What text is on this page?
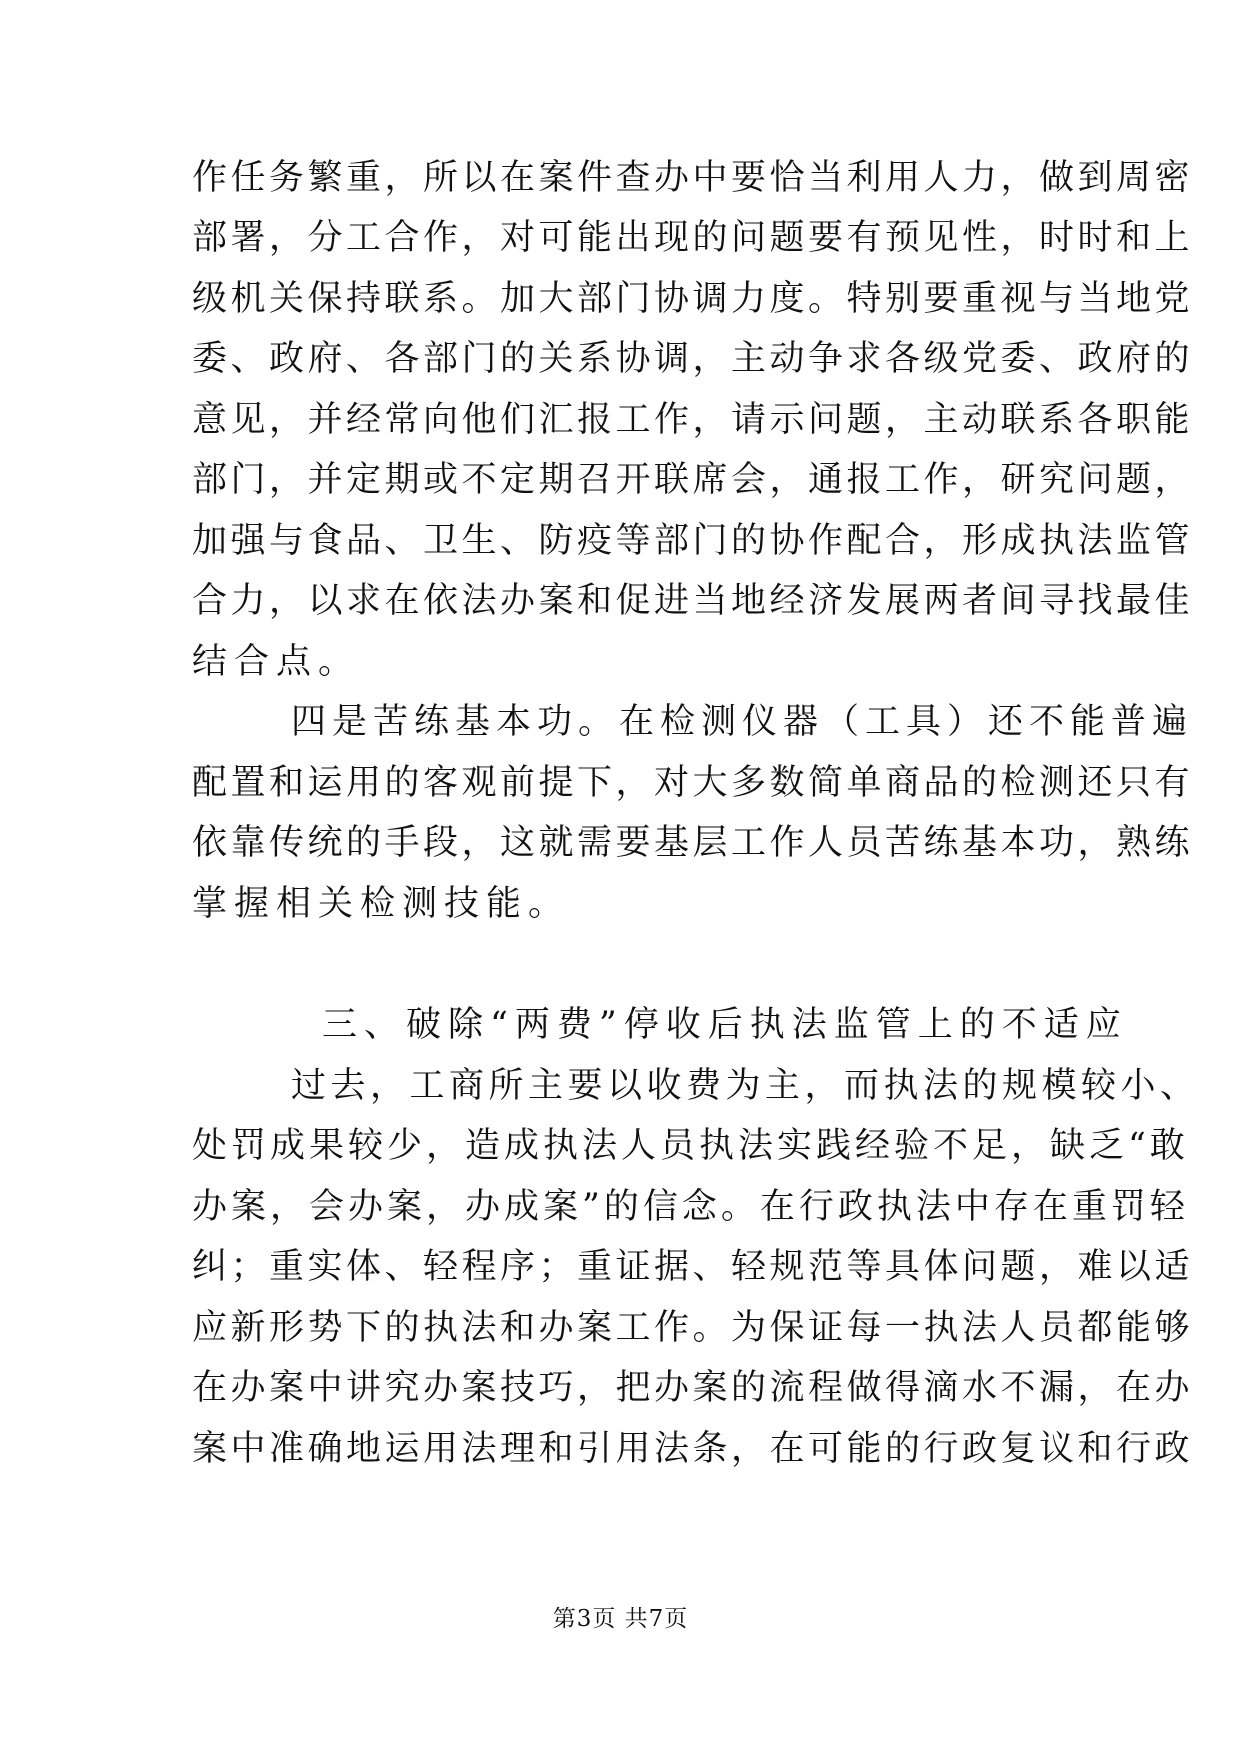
作任务繁重，所以在案件查办中要恰当利用人力，做到周密
部署，分工合作，对可能出现的问题要有预见性，时时和上
级机关保持联系。加大部门协调力度。特别要重视与当地党
委、政府、各部门的关系协调，主动争求各级党委、政府的
意见，并经常向他们汇报工作，请示问题，主动联系各职能
部门，并定期或不定期召开联席会，通报工作，研究问题，
加强与食品、卫生、防疫等部门的协作配合，形成执法监管
合力，以求在依法办案和促进当地经济发展两者间寻找最佳
结合点。
四是苦练基本功。在检测仪器（工具）还不能普遍
配置和运用的客观前提下，对大多数简单商品的检测还只有
依靠传统的手段，这就需要基层工作人员苦练基本功，熟练
掌握相关检测技能。
三、破除“两费”停收后执法监管上的不适应
过去，工商所主要以收费为主，而执法的规模较小、
处罚成果较少，造成执法人员执法实践经验不足，缺乏“敢
办案，会办案，办成案”的信念。在行政执法中存在重罚轻
纠；重实体、轻程序；重证据、轻规范等具体问题，难以适
应新形势下的执法和办案工作。为保证每一执法人员都能够
在办案中讲究办案技巧，把办案的流程做得滴水不漏，在办
案中准确地运用法理和引用法条，在可能的行政复议和行政
第3页 共7页
